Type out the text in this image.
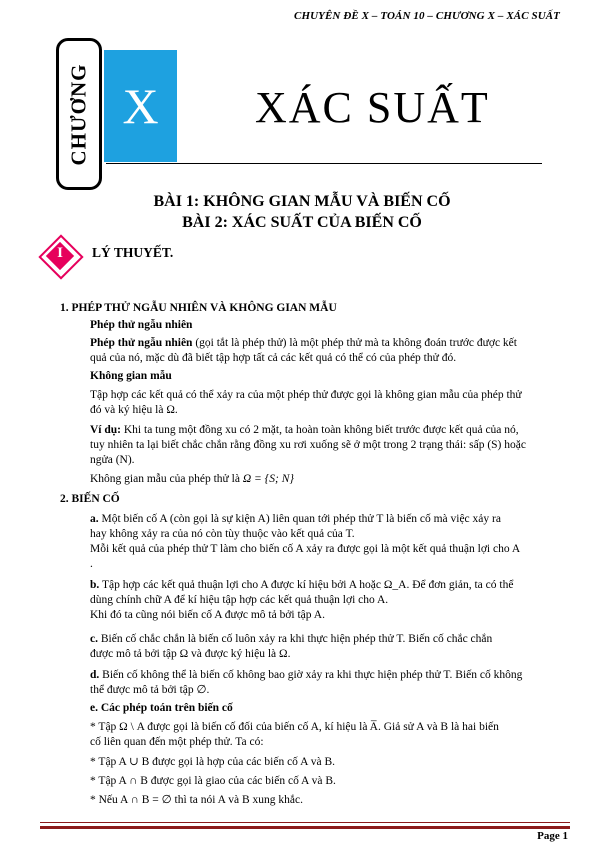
CHUYÊN ĐỀ X – TOÁN 10 – CHƯƠNG X – XÁC SUẤT
CHƯƠNG X XÁC SUẤT
BÀI 1: KHÔNG GIAN MẪU VÀ BIẾN CỐ
BÀI 2: XÁC SUẤT CỦA BIẾN CỐ
I	LÝ THUYẾT.
1. PHÉP THỬ NGẪU NHIÊN VÀ KHÔNG GIAN MẪU
Phép thử ngẫu nhiên
Phép thử ngẫu nhiên (gọi tắt là phép thử) là một phép thử mà ta không đoán trước được kết
quả của nó, mặc dù đã biết tập hợp tất cả các kết quả có thể có của phép thử đó.
Không gian mẫu
Tập hợp các kết quả có thể xảy ra của một phép thử được gọi là không gian mẫu của phép thử
đó và ký hiệu là Ω.
Ví dụ: Khi ta tung một đồng xu có 2 mặt, ta hoàn toàn không biết trước được kết quả của nó,
tuy nhiên ta lại biết chắc chắn rằng đồng xu rơi xuống sẽ ở một trong 2 trạng thái: sấp (S) hoặc
ngửa (N).
Không gian mẫu của phép thử là Ω = {S; N}
2. BIẾN CỐ
a. Một biến cố A (còn gọi là sự kiện A) liên quan tới phép thử T là biến cố mà việc xảy ra
hay không xảy ra của nó còn tùy thuộc vào kết quả của T.
Mỗi kết quả của phép thử T làm cho biến cố A xảy ra được gọi là một kết quả thuận lợi cho A
.
b. Tập hợp các kết quả thuận lợi cho A được kí hiệu bởi A hoặc Ω_A. Để đơn giản, ta có thể
dùng chính chữ A để kí hiệu tập hợp các kết quả thuận lợi cho A.
Khi đó ta cũng nói biến cố A được mô tả bởi tập A.
c. Biến cố chắc chắn là biến cố luôn xảy ra khi thực hiện phép thử T. Biến cố chắc chắn
được mô tả bởi tập Ω và được ký hiệu là Ω.
d. Biến cố không thể là biến cố không bao giờ xảy ra khi thực hiện phép thử T. Biến cố không
thể được mô tả bởi tập ∅.
e. Các phép toán trên biến cố
* Tập Ω \ A được gọi là biến cố đối của biến cố A, kí hiệu là A̅. Giả sử A và B là hai biến
cố liên quan đến một phép thử. Ta có:
* Tập A ∪ B được gọi là hợp của các biến cố A và B.
* Tập A ∩ B được gọi là giao của các biến cố A và B.
* Nếu A ∩ B = ∅ thì ta nói A và B xung khắc.
Page 1
